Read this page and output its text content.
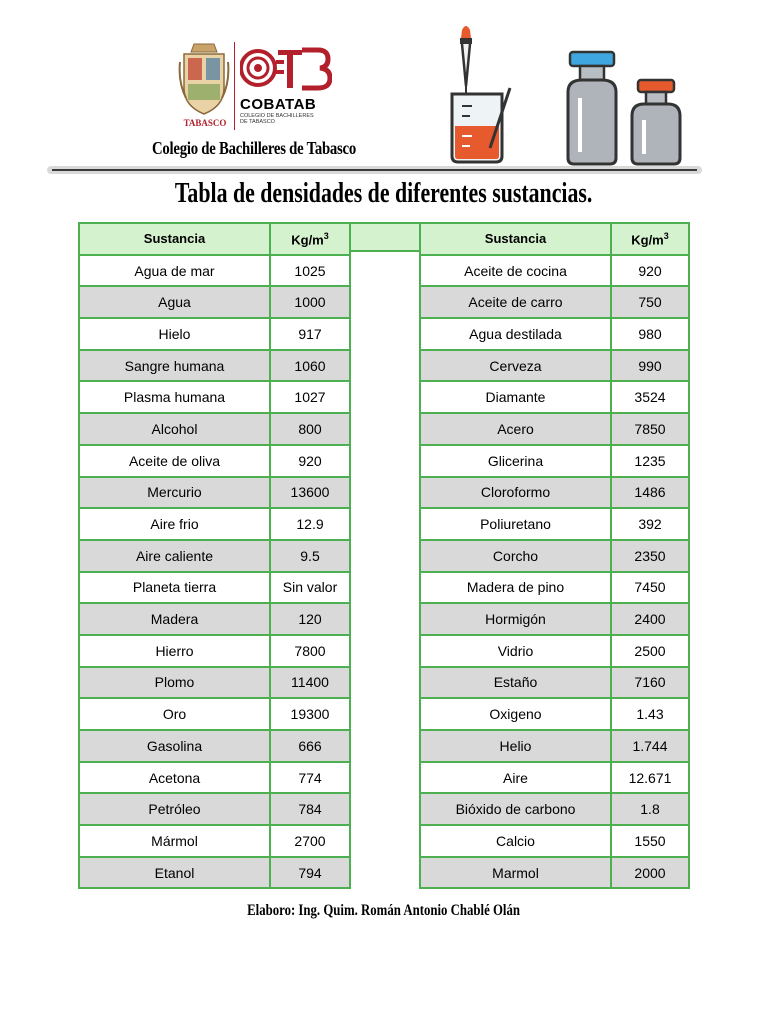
TABASCO
COBATAB
COLEGIO DE BACHILLERES
DE TABASCO
Colegio de Bachilleres de Tabasco
Tabla de densidades de diferentes sustancias.
Sustancia	$Kg/m^3$
Agua de mar	1025
Agua	1000
Hielo	917
Sangre humana	1060
Plasma humana	1027
Alcohol	800
Aceite de oliva	920
Mercurio	13600
Aire frio	12.9
Aire caliente	9.5
Planeta tierra	Sin valor
Madera	120
Hierro	7800
Plomo	11400
Oro	19300
Gasolina	666
Acetona	774
Petróleo	784
Mármol	2700
Etanol	794
Sustancia	$Kg/m^3$
Aceite de cocina	920
Aceite de carro	750
Agua destilada	980
Cerveza	990
Diamante	3524
Acero	7850
Glicerina	1235
Cloroformo	1486
Poliuretano	392
Corcho	2350
Madera de pino	7450
Hormigón	2400
Vidrio	2500
Estaño	7160
Oxigeno	1.43
Helio	1.744
Aire	12.671
Bióxido de carbono	1.8
Calcio	1550
Marmol	2000
Elaboro: Ing. Quim. Román Antonio Chablé Olán
